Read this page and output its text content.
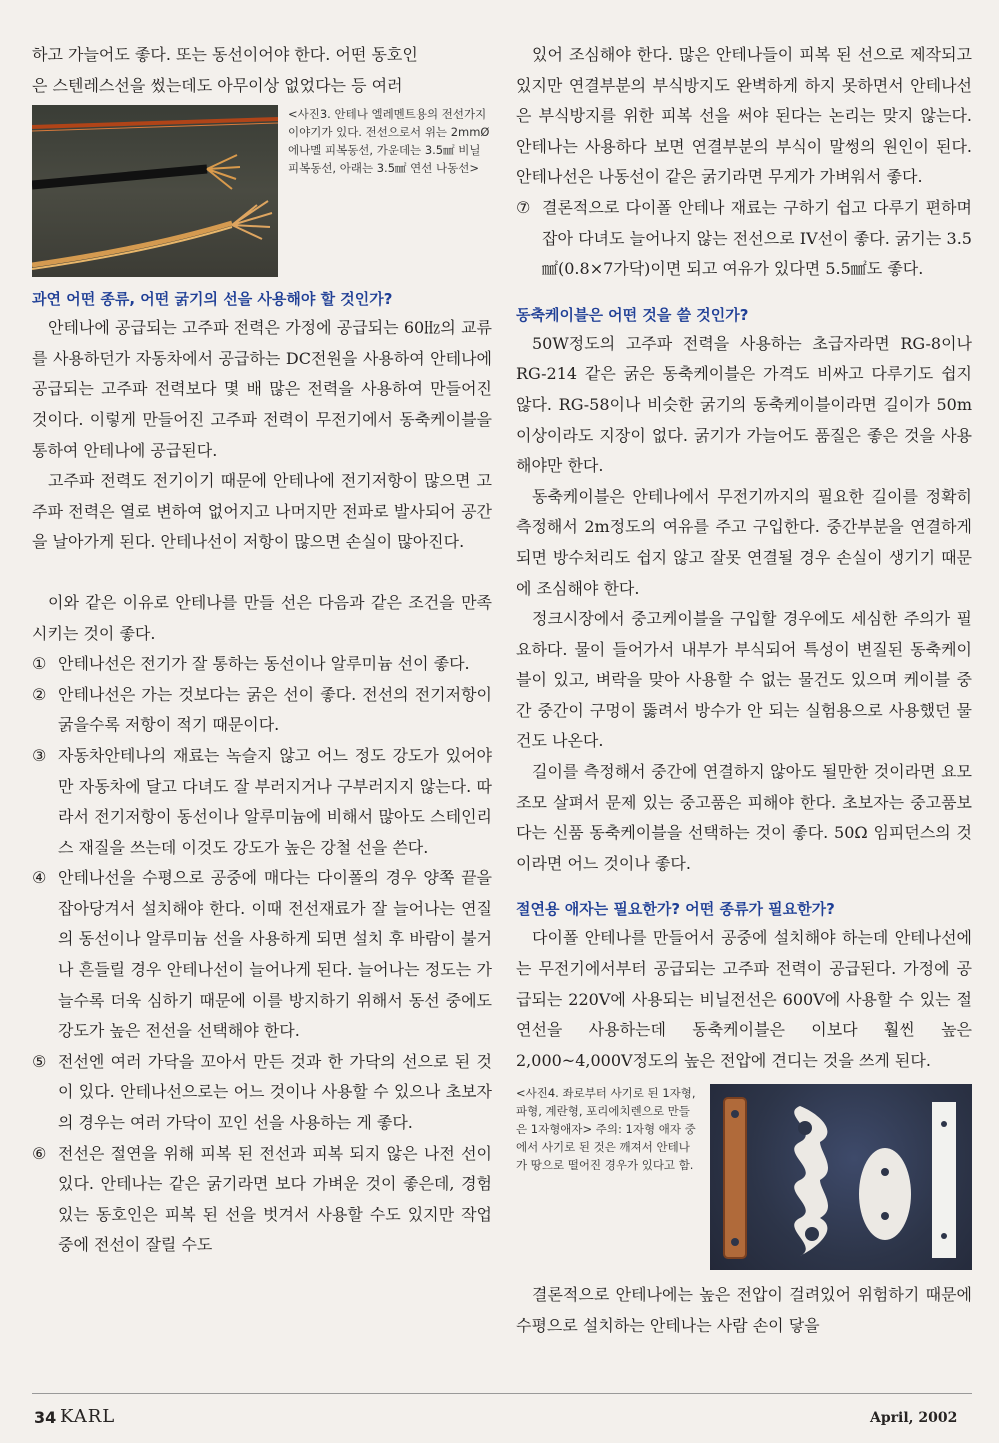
하고 가늘어도 좋다. 또는 동선이어야 한다. 어떤 동호인

은 스텐레스선을 썼는데도 아무이상 없었다는 등 여러

<사진3. 안테나 엘레멘트용의 전선가지 이야기가 있다. 전선으로서 위는 2mmØ에나멜 피복동선, 가운데는 3.5㎟ 비닐 피복동선, 아래는 3.5㎟ 연선 나동선>
과연 어떤 종류, 어떤 굵기의 선을 사용해야 할 것인가?

안테나에 공급되는 고주파 전력은 가정에 공급되는 60㎐의 교류를 사용하던가 자동차에서 공급하는 DC전원을 사용하여 안테나에 공급되는 고주파 전력보다 몇 배 많은 전력을 사용하여 만들어진 것이다. 이렇게 만들어진 고주파 전력이 무전기에서 동축케이블을 통하여 안테나에 공급된다.

고주파 전력도 전기이기 때문에 안테나에 전기저항이 많으면 고주파 전력은 열로 변하여 없어지고 나머지만 전파로 발사되어 공간을 날아가게 된다. 안테나선이 저항이 많으면 손실이 많아진다.

이와 같은 이유로 안테나를 만들 선은 다음과 같은 조건을 만족시키는 것이 좋다.

① 안테나선은 전기가 잘 통하는 동선이나 알루미늄 선이 좋다.
② 안테나선은 가는 것보다는 굵은 선이 좋다. 전선의 전기저항이 굵을수록 저항이 적기 때문이다.
③ 자동차안테나의 재료는 녹슬지 않고 어느 정도 강도가 있어야만 자동차에 달고 다녀도 잘 부러지거나 구부러지지 않는다. 따라서 전기저항이 동선이나 알루미늄에 비해서 많아도 스테인리스 재질을 쓰는데 이것도 강도가 높은 강철 선을 쓴다.
④ 안테나선을 수평으로 공중에 매다는 다이폴의 경우 양쪽 끝을 잡아당겨서 설치해야 한다. 이때 전선재료가 잘 늘어나는 연질의 동선이나 알루미늄 선을 사용하게 되면 설치 후 바람이 불거나 흔들릴 경우 안테나선이 늘어나게 된다. 늘어나는 정도는 가늘수록 더욱 심하기 때문에 이를 방지하기 위해서 동선 중에도 강도가 높은 전선을 선택해야 한다.
⑤ 전선엔 여러 가닥을 꼬아서 만든 것과 한 가닥의 선으로 된 것이 있다. 안테나선으로는 어느 것이나 사용할 수 있으나 초보자의 경우는 여러 가닥이 꼬인 선을 사용하는 게 좋다.
⑥ 전선은 절연을 위해 피복 된 전선과 피복 되지 않은 나전 선이 있다. 안테나는 같은 굵기라면 보다 가벼운 것이 좋은데, 경험 있는 동호인은 피복 된 선을 벗겨서 사용할 수도 있지만 작업 중에 전선이 잘릴 수도

있어 조심해야 한다. 많은 안테나들이 피복 된 선으로 제작되고 있지만 연결부분의 부식방지도 완벽하게 하지 못하면서 안테나선은 부식방지를 위한 피복 선을 써야 된다는 논리는 맞지 않는다. 안테나는 사용하다 보면 연결부분의 부식이 말썽의 원인이 된다. 안테나선은 나동선이 같은 굵기라면 무게가 가벼워서 좋다.

⑦ 결론적으로 다이폴 안테나 재료는 구하기 쉽고 다루기 편하며 잡아 다녀도 늘어나지 않는 전선으로 IV선이 좋다. 굵기는 3.5㎟(0.8×7가닥)이면 되고 여유가 있다면 5.5㎟도 좋다.
동축케이블은 어떤 것을 쓸 것인가?

50W정도의 고주파 전력을 사용하는 초급자라면 RG-8이나 RG-214 같은 굵은 동축케이블은 가격도 비싸고 다루기도 쉽지 않다. RG-58이나 비슷한 굵기의 동축케이블이라면 길이가 50m이상이라도 지장이 없다. 굵기가 가늘어도 품질은 좋은 것을 사용해야만 한다.

동축케이블은 안테나에서 무전기까지의 필요한 길이를 정확히 측정해서 2m정도의 여유를 주고 구입한다. 중간부분을 연결하게 되면 방수처리도 쉽지 않고 잘못 연결될 경우 손실이 생기기 때문에 조심해야 한다.

정크시장에서 중고케이블을 구입할 경우에도 세심한 주의가 필요하다. 물이 들어가서 내부가 부식되어 특성이 변질된 동축케이블이 있고, 벼락을 맞아 사용할 수 없는 물건도 있으며 케이블 중간 중간이 구멍이 뚫려서 방수가 안 되는 실험용으로 사용했던 물건도 나온다.

길이를 측정해서 중간에 연결하지 않아도 될만한 것이라면 요모조모 살펴서 문제 있는 중고품은 피해야 한다. 초보자는 중고품보다는 신품 동축케이블을 선택하는 것이 좋다. 50Ω 임피던스의 것이라면 어느 것이나 좋다.

절연용 애자는 필요한가? 어떤 종류가 필요한가?

다이폴 안테나를 만들어서 공중에 설치해야 하는데 안테나선에는 무전기에서부터 공급되는 고주파 전력이 공급된다. 가정에 공급되는 220V에 사용되는 비닐전선은 600V에 사용할 수 있는 절연선을 사용하는데 동축케이블은 이보다 훨씬 높은 2,000~4,000V정도의 높은 전압에 견디는 것을 쓰게 된다.

<사진4. 좌로부터 사기로 된 1자형, 파형, 계란형, 포리에치렌으로 만들은 1자형애자> 주의: 1자형 애자 중에서 사기로 된 것은 깨져서 안테나가 땅으로 떨어진 경우가 있다고 함.

결론적으로 안테나에는 높은 전압이 걸려있어 위험하기 때문에 수평으로 설치하는 안테나는 사람 손이 닿을

34 KARL	April, 2002
